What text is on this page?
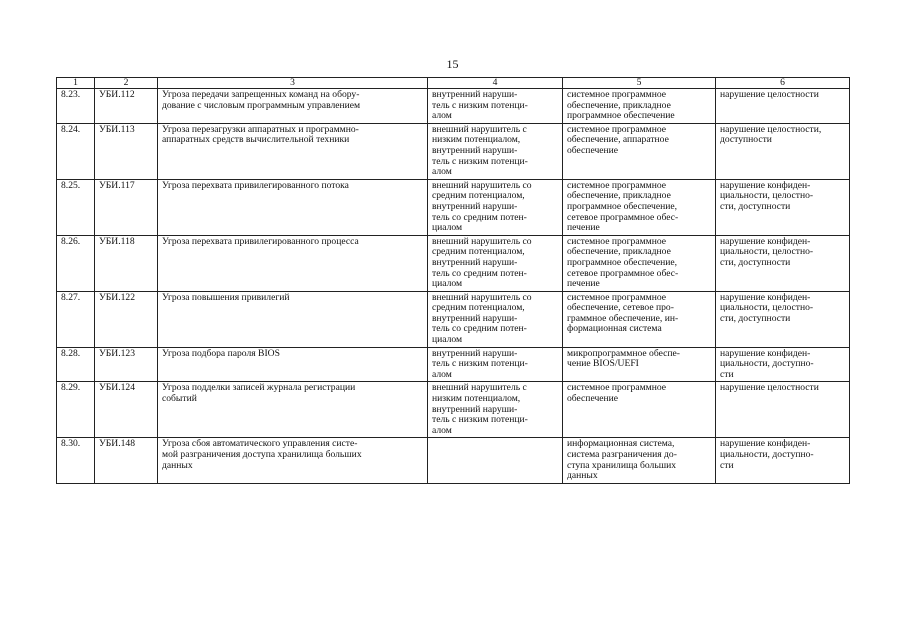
15
1	2	3	4	5	6
8.23.	УБИ.112	Угроза передачи запрещенных команд на обору-
дование с числовым программным управлением	внутренний наруши-
тель с низким потенци-
алом	системное программное
обеспечение, прикладное
программное обеспечение	нарушение целостности
8.24.	УБИ.113	Угроза перезагрузки аппаратных и программно-
аппаратных средств вычислительной техники	внешний нарушитель с
низким потенциалом,
внутренний наруши-
тель с низким потенци-
алом	системное программное
обеспечение, аппаратное
обеспечение	нарушение целостности,
доступности
8.25.	УБИ.117	Угроза перехвата привилегированного потока	внешний нарушитель со
средним потенциалом,
внутренний наруши-
тель со средним потен-
циалом	системное программное
обеспечение, прикладное
программное обеспечение,
сетевое программное обес-
печение	нарушение конфиден-
циальности, целостно-
сти, доступности
8.26.	УБИ.118	Угроза перехвата привилегированного процесса	внешний нарушитель со
средним потенциалом,
внутренний наруши-
тель со средним потен-
циалом	системное программное
обеспечение, прикладное
программное обеспечение,
сетевое программное обес-
печение	нарушение конфиден-
циальности, целостно-
сти, доступности
8.27.	УБИ.122	Угроза повышения привилегий	внешний нарушитель со
средним потенциалом,
внутренний наруши-
тель со средним потен-
циалом	системное программное
обеспечение, сетевое про-
граммное обеспечение, ин-
формационная система	нарушение конфиден-
циальности, целостно-
сти, доступности
8.28.	УБИ.123	Угроза подбора пароля BIOS	внутренний наруши-
тель с низким потенци-
алом	микропрограммное обеспе-
чение BIOS/UEFI	нарушение конфиден-
циальности, доступно-
сти
8.29.	УБИ.124	Угроза подделки записей журнала регистрации
событий	внешний нарушитель с
низким потенциалом,
внутренний наруши-
тель с низким потенци-
алом	системное программное
обеспечение	нарушение целостности
8.30.	УБИ.148	Угроза сбоя автоматического управления систе-
мой разграничения доступа хранилища больших
данных		информационная система,
система разграничения до-
ступа хранилища больших
данных	нарушение конфиден-
циальности, доступно-
сти
